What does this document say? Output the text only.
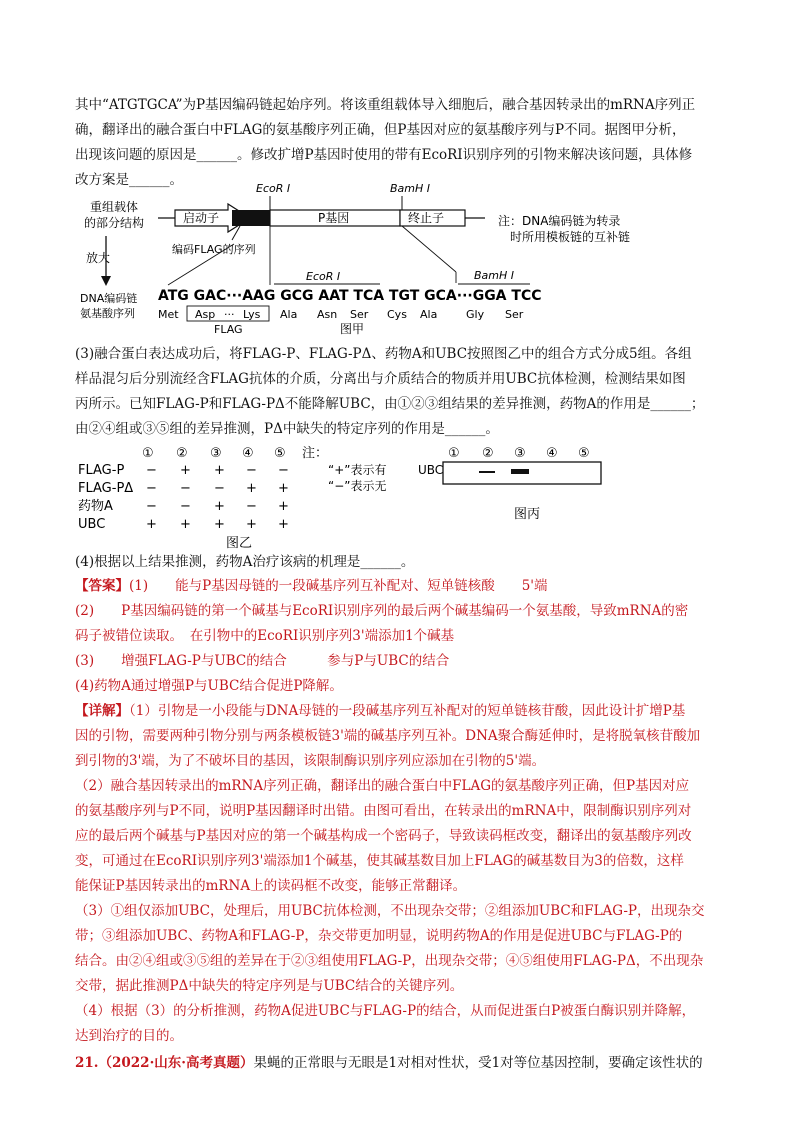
其中“ATGTGCA”为P基因编码链起始序列。将该重组载体导入细胞后，融合基因转录出的mRNA序列正
确，翻译出的融合蛋白中FLAG的氨基酸序列正确，但P基因对应的氨基酸序列与P不同。据图甲分析，
出现该问题的原因是______。修改扩增P基因时使用的带有EcoRI识别序列的引物来解决该问题，具体修
改方案是______。
重组载体
的部分结构	启动子	P基因	终止子
EcoR I	BamH I
编码FLAG的序列
注：DNA编码链为转录
时所用模板链的互补链
放大
EcoR I	BamH I
DNA编码链
氨基酸序列
ATG GAC···AAG GCG AAT TCA TGT GCA···GGA TCC
Met Asp ··· Lys Ala Asn Ser Cys Ala	Gly Ser
FLAG	图甲
(3)融合蛋白表达成功后，将FLAG-P、FLAG-PΔ、药物A和UBC按照图乙中的组合方式分成5组。各组
样品混匀后分别流经含FLAG抗体的介质，分离出与介质结合的物质并用UBC抗体检测，检测结果如图
丙所示。已知FLAG-P和FLAG-PΔ不能降解UBC，由①②③组结果的差异推测，药物A的作用是______；
由②④组或③⑤组的差异推测，PΔ中缺失的特定序列的作用是______。
① ② ③ ④ ⑤
FLAG-P − + + − −
FLAG-PΔ − − − + +
药物A	− − + − +
UBC	+ + + + +
注：
“+”表示有
“−”表示无
图乙
① ② ③ ④ ⑤
UBC
图丙
(4)根据以上结果推测，药物A治疗该病的机理是______。
【答案】(1)　　能与P基因母链的一段碱基序列互补配对、短单链核酸　　5'端
(2)　　P基因编码链的第一个碱基与EcoRI识别序列的最后两个碱基编码一个氨基酸，导致mRNA的密
码子被错位读取。　在引物中的EcoRI识别序列3'端添加1个碱基
(3)　　增强FLAG-P与UBC的结合　　　参与P与UBC的结合
(4)药物A通过增强P与UBC结合促进P降解。
【详解】（1）引物是一小段能与DNA母链的一段碱基序列互补配对的短单链核苷酸，因此设计扩增P基
因的引物，需要两种引物分别与两条模板链3'端的碱基序列互补。DNA聚合酶延伸时，是将脱氧核苷酸加
到引物的3'端，为了不破坏目的基因，该限制酶识别序列应添加在引物的5'端。
（2）融合基因转录出的mRNA序列正确，翻译出的融合蛋白中FLAG的氨基酸序列正确，但P基因对应
的氨基酸序列与P不同，说明P基因翻译时出错。由图可看出，在转录出的mRNA中，限制酶识别序列对
应的最后两个碱基与P基因对应的第一个碱基构成一个密码子，导致读码框改变，翻译出的氨基酸序列改
变，可通过在EcoRI识别序列3'端添加1个碱基，使其碱基数目加上FLAG的碱基数目为3的倍数，这样
能保证P基因转录出的mRNA上的读码框不改变，能够正常翻译。
（3）①组仅添加UBC，处理后，用UBC抗体检测，不出现杂交带；②组添加UBC和FLAG-P，出现杂交
带；③组添加UBC、药物A和FLAG-P，杂交带更加明显，说明药物A的作用是促进UBC与FLAG-P的
结合。由②④组或③⑤组的差异在于②③组使用FLAG-P，出现杂交带；④⑤组使用FLAG-PΔ，不出现杂
交带，据此推测PΔ中缺失的特定序列是与UBC结合的关键序列。
（4）根据（3）的分析推测，药物A促进UBC与FLAG-P的结合，从而促进蛋白P被蛋白酶识别并降解，
达到治疗的目的。
21.（2022·山东·高考真题）果蝇的正常眼与无眼是1对相对性状，受1对等位基因控制，要确定该性状的
